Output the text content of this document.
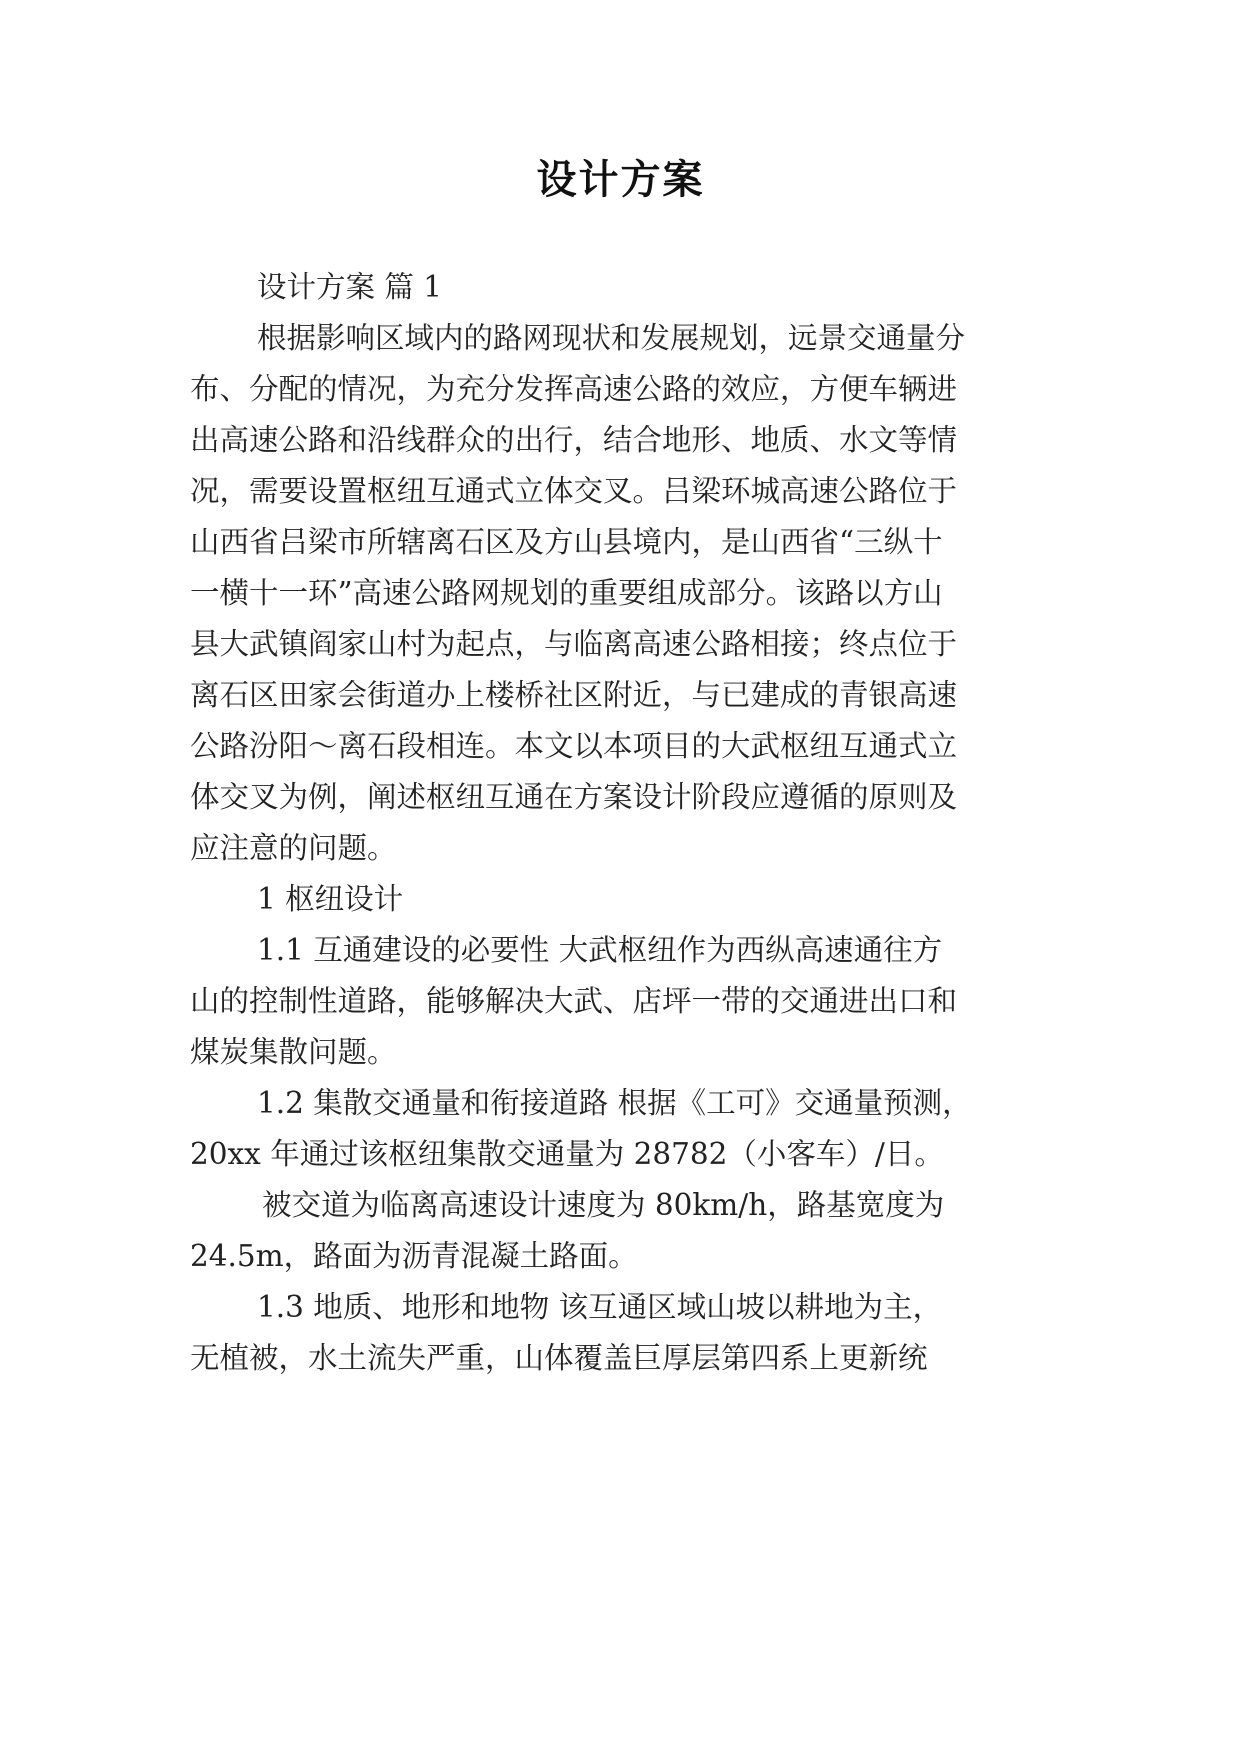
设计方案
设计方案 篇 1
根据影响区域内的路网现状和发展规划，远景交通量分
布、分配的情况，为充分发挥高速公路的效应，方便车辆进
出高速公路和沿线群众的出行，结合地形、地质、水文等情
况，需要设置枢纽互通式立体交叉。吕梁环城高速公路位于
山西省吕梁市所辖离石区及方山县境内，是山西省“三纵十
一横十一环”高速公路网规划的重要组成部分。该路以方山
县大武镇阎家山村为起点，与临离高速公路相接；终点位于
离石区田家会街道办上楼桥社区附近，与已建成的青银高速
公路汾阳～离石段相连。本文以本项目的大武枢纽互通式立
体交叉为例，阐述枢纽互通在方案设计阶段应遵循的原则及
应注意的问题。
1 枢纽设计
1.1 互通建设的必要性 大武枢纽作为西纵高速通往方
山的控制性道路，能够解决大武、店坪一带的交通进出口和
煤炭集散问题。
1.2 集散交通量和衔接道路 根据《工可》交通量预测，
20xx 年通过该枢纽集散交通量为 28782（小客车）/日。
被交道为临离高速设计速度为 80km/h，路基宽度为
24.5m，路面为沥青混凝土路面。
1.3 地质、地形和地物 该互通区域山坡以耕地为主，
无植被，水土流失严重，山体覆盖巨厚层第四系上更新统
